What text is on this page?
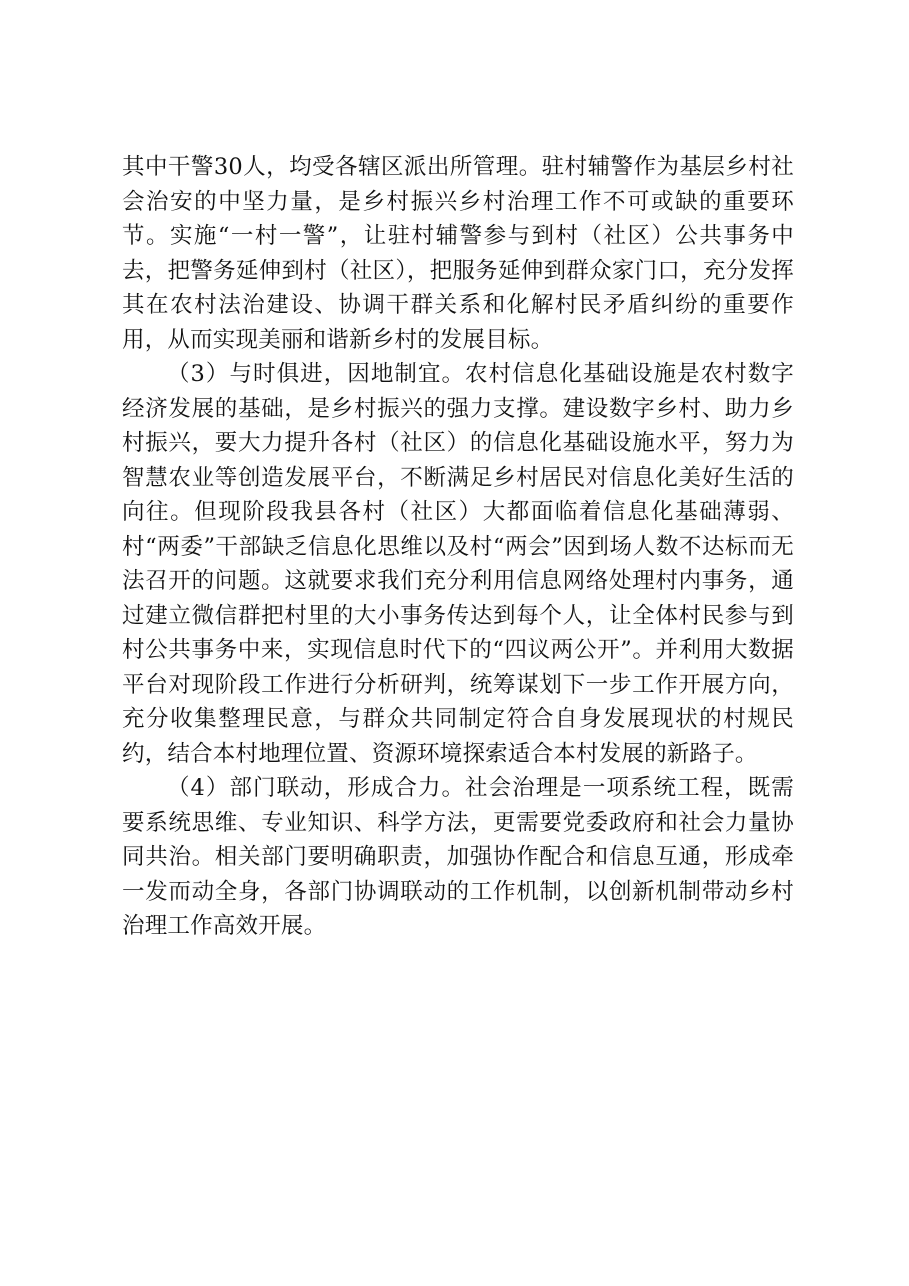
其中干警30人，均受各辖区派出所管理。驻村辅警作为基层乡村社会治安的中坚力量，是乡村振兴乡村治理工作不可或缺的重要环节。实施“一村一警”，让驻村辅警参与到村（社区）公共事务中去，把警务延伸到村（社区），把服务延伸到群众家门口，充分发挥其在农村法治建设、协调干群关系和化解村民矛盾纠纷的重要作用，从而实现美丽和谐新乡村的发展目标。

（3）与时俱进，因地制宜。农村信息化基础设施是农村数字经济发展的基础，是乡村振兴的强力支撑。建设数字乡村、助力乡村振兴，要大力提升各村（社区）的信息化基础设施水平，努力为智慧农业等创造发展平台，不断满足乡村居民对信息化美好生活的向往。但现阶段我县各村（社区）大都面临着信息化基础薄弱、村“两委”干部缺乏信息化思维以及村“两会”因到场人数不达标而无法召开的问题。这就要求我们充分利用信息网络处理村内事务，通过建立微信群把村里的大小事务传达到每个人，让全体村民参与到村公共事务中来，实现信息时代下的“四议两公开”。并利用大数据平台对现阶段工作进行分析研判，统筹谋划下一步工作开展方向，充分收集整理民意，与群众共同制定符合自身发展现状的村规民约，结合本村地理位置、资源环境探索适合本村发展的新路子。

（4）部门联动，形成合力。社会治理是一项系统工程，既需要系统思维、专业知识、科学方法，更需要党委政府和社会力量协同共治。相关部门要明确职责，加强协作配合和信息互通，形成牵一发而动全身，各部门协调联动的工作机制，以创新机制带动乡村治理工作高效开展。
